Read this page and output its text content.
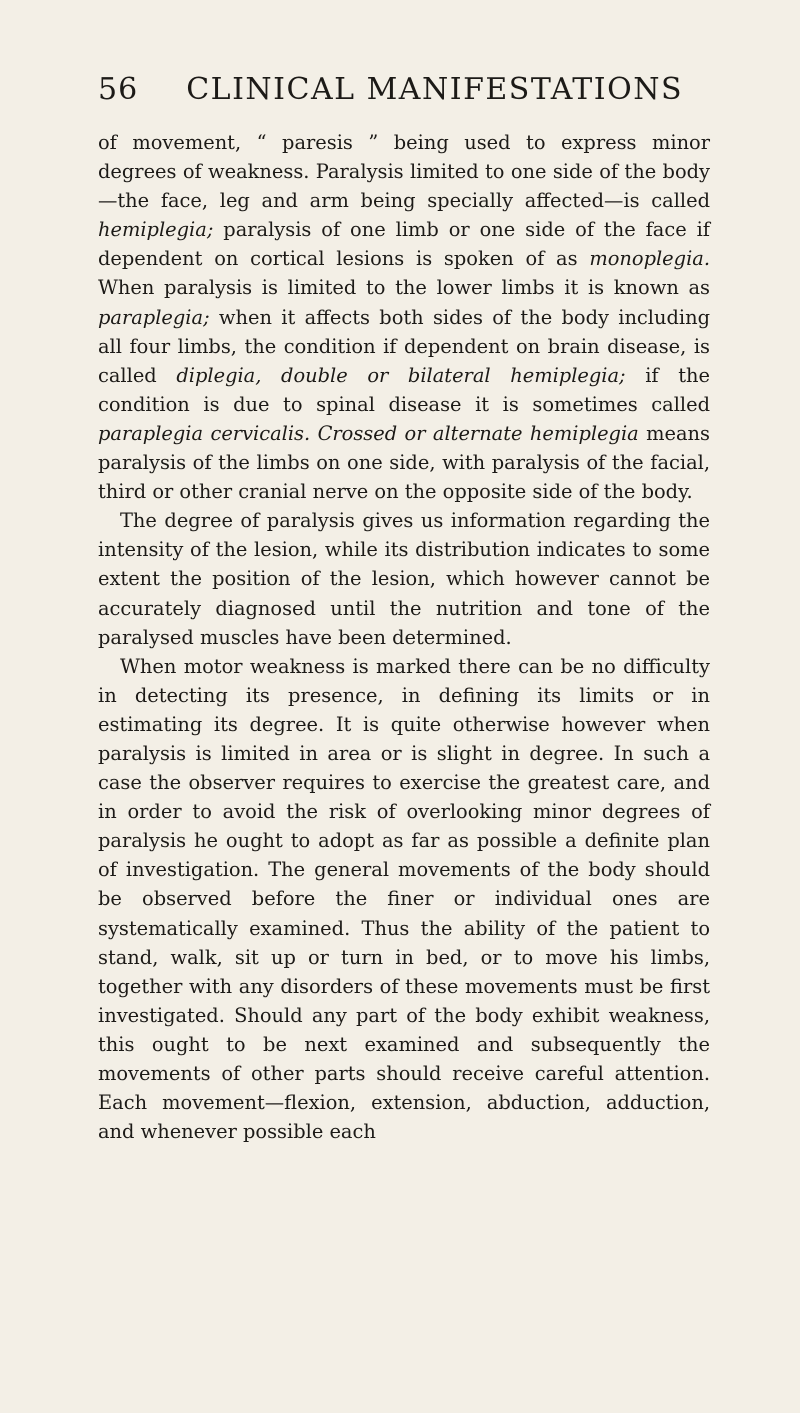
56 CLINICAL MANIFESTATIONS

of movement, “ paresis ” being used to express minor degrees of weakness. Paralysis limited to one side of the body—the face, leg and arm being specially affected—is called hemiplegia; paralysis of one limb or one side of the face if dependent on cortical lesions is spoken of as monoplegia. When paralysis is limited to the lower limbs it is known as paraplegia; when it affects both sides of the body including all four limbs, the condition if dependent on brain disease, is called diplegia, double or bilateral hemiplegia; if the condition is due to spinal disease it is sometimes called paraplegia cervicalis. Crossed or alternate hemiplegia means paralysis of the limbs on one side, with paralysis of the facial, third or other cranial nerve on the opposite side of the body.

The degree of paralysis gives us information regarding the intensity of the lesion, while its distribution indicates to some extent the position of the lesion, which however cannot be accurately diagnosed until the nutrition and tone of the paralysed muscles have been determined.

When motor weakness is marked there can be no difficulty in detecting its presence, in defining its limits or in estimating its degree. It is quite otherwise however when paralysis is limited in area or is slight in degree. In such a case the observer requires to exercise the greatest care, and in order to avoid the risk of overlooking minor degrees of paralysis he ought to adopt as far as possible a definite plan of investigation. The general movements of the body should be observed before the finer or individual ones are systematically examined. Thus the ability of the patient to stand, walk, sit up or turn in bed, or to move his limbs, together with any disorders of these movements must be first investigated. Should any part of the body exhibit weakness, this ought to be next examined and subsequently the movements of other parts should receive careful attention. Each movement—flexion, extension, abduction, adduction, and whenever possible each
